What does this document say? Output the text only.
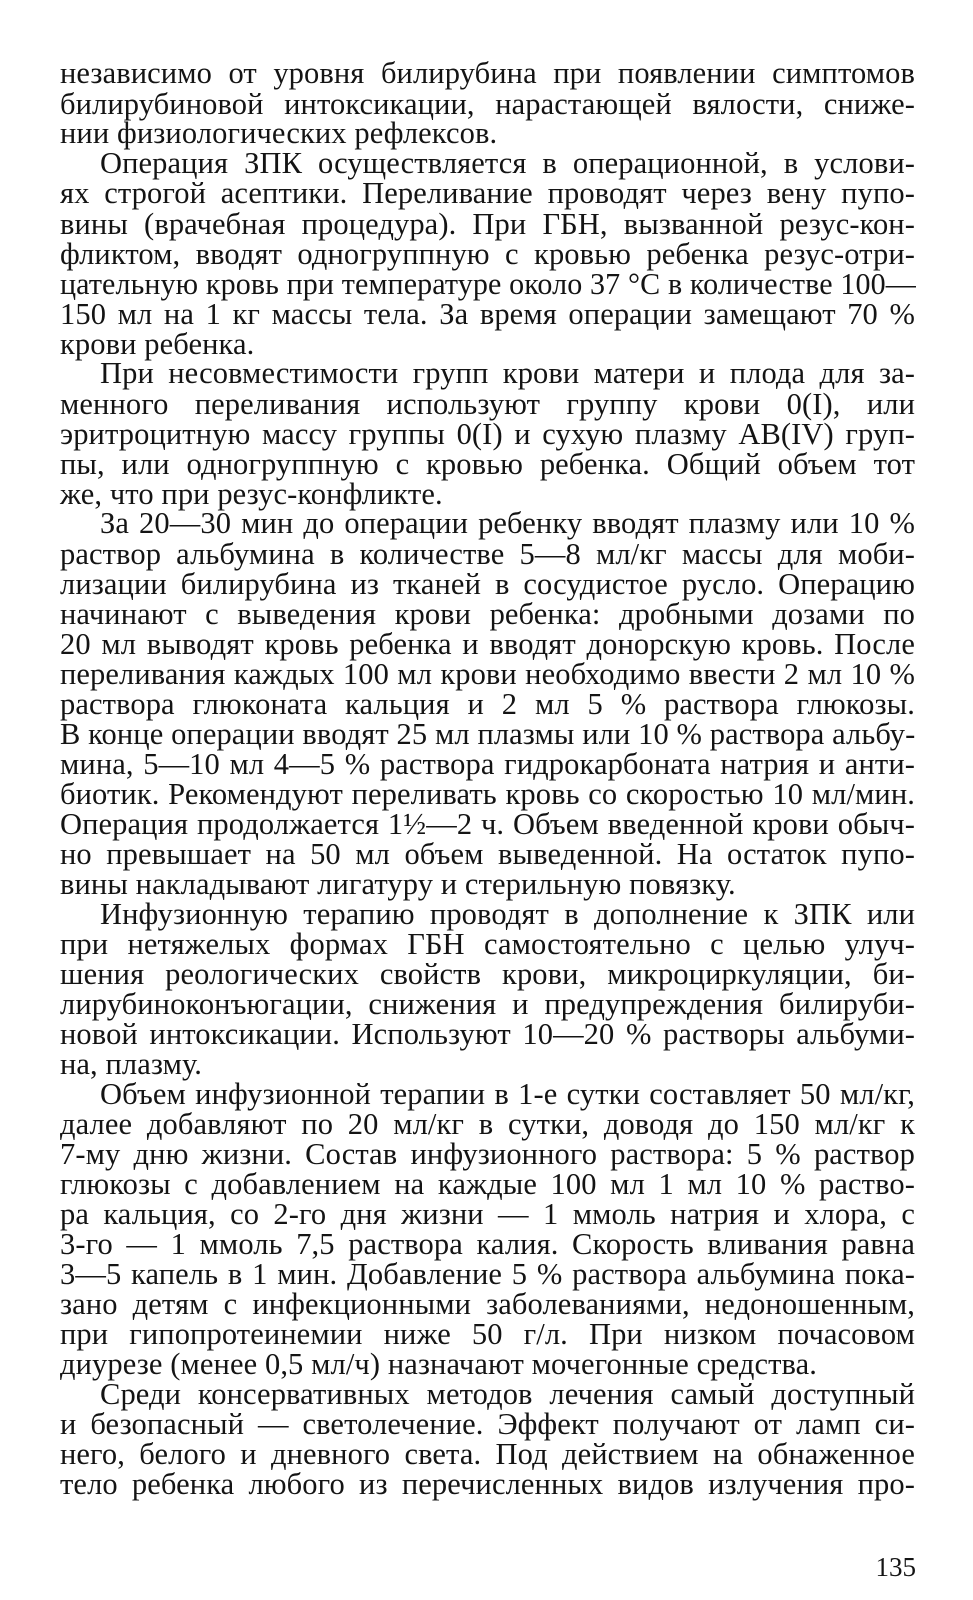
независимо от уровня билирубина при появлении симптомов
билирубиновой интоксикации, нарастающей вялости, сниже-
нии физиологических рефлексов.
Операция ЗПК осуществляется в операционной, в услови-
ях строгой асептики. Переливание проводят через вену пупо-
вины (врачебная процедура). При ГБН, вызванной резус-кон-
фликтом, вводят одногруппную с кровью ребенка резус-отри-
цательную кровь при температуре около 37 °С в количестве 100—
150 мл на 1 кг массы тела. За время операции замещают 70 %
крови ребенка.
При несовместимости групп крови матери и плода для за-
менного переливания используют группу крови 0(I), или
эритроцитную массу группы 0(I) и сухую плазму AB(IV) груп-
пы, или одногруппную с кровью ребенка. Общий объем тот
же, что при резус-конфликте.
За 20—30 мин до операции ребенку вводят плазму или 10 %
раствор альбумина в количестве 5—8 мл/кг массы для моби-
лизации билирубина из тканей в сосудистое русло. Операцию
начинают с выведения крови ребенка: дробными дозами по
20 мл выводят кровь ребенка и вводят донорскую кровь. После
переливания каждых 100 мл крови необходимо ввести 2 мл 10 %
раствора глюконата кальция и 2 мл 5 % раствора глюкозы.
В конце операции вводят 25 мл плазмы или 10 % раствора альбу-
мина, 5—10 мл 4—5 % раствора гидрокарбоната натрия и анти-
биотик. Рекомендуют переливать кровь со скоростью 10 мл/мин.
Операция продолжается 1½—2 ч. Объем введенной крови обыч-
но превышает на 50 мл объем выведенной. На остаток пупо-
вины накладывают лигатуру и стерильную повязку.
Инфузионную терапию проводят в дополнение к ЗПК или
при нетяжелых формах ГБН самостоятельно с целью улуч-
шения реологических свойств крови, микроциркуляции, би-
лирубиноконъюгации, снижения и предупреждения билируби-
новой интоксикации. Используют 10—20 % растворы альбуми-
на, плазму.
Объем инфузионной терапии в 1-е сутки составляет 50 мл/кг,
далее добавляют по 20 мл/кг в сутки, доводя до 150 мл/кг к
7-му дню жизни. Состав инфузионного раствора: 5 % раствор
глюкозы с добавлением на каждые 100 мл 1 мл 10 % раство-
ра кальция, со 2-го дня жизни — 1 ммоль натрия и хлора, с
3-го — 1 ммоль 7,5 раствора калия. Скорость вливания равна
3—5 капель в 1 мин. Добавление 5 % раствора альбумина пока-
зано детям с инфекционными заболеваниями, недоношенным,
при гипопротеинемии ниже 50 г/л. При низком почасовом
диурезе (менее 0,5 мл/ч) назначают мочегонные средства.
Среди консервативных методов лечения самый доступный
и безопасный — светолечение. Эффект получают от ламп си-
него, белого и дневного света. Под действием на обнаженное
тело ребенка любого из перечисленных видов излучения про-
135
